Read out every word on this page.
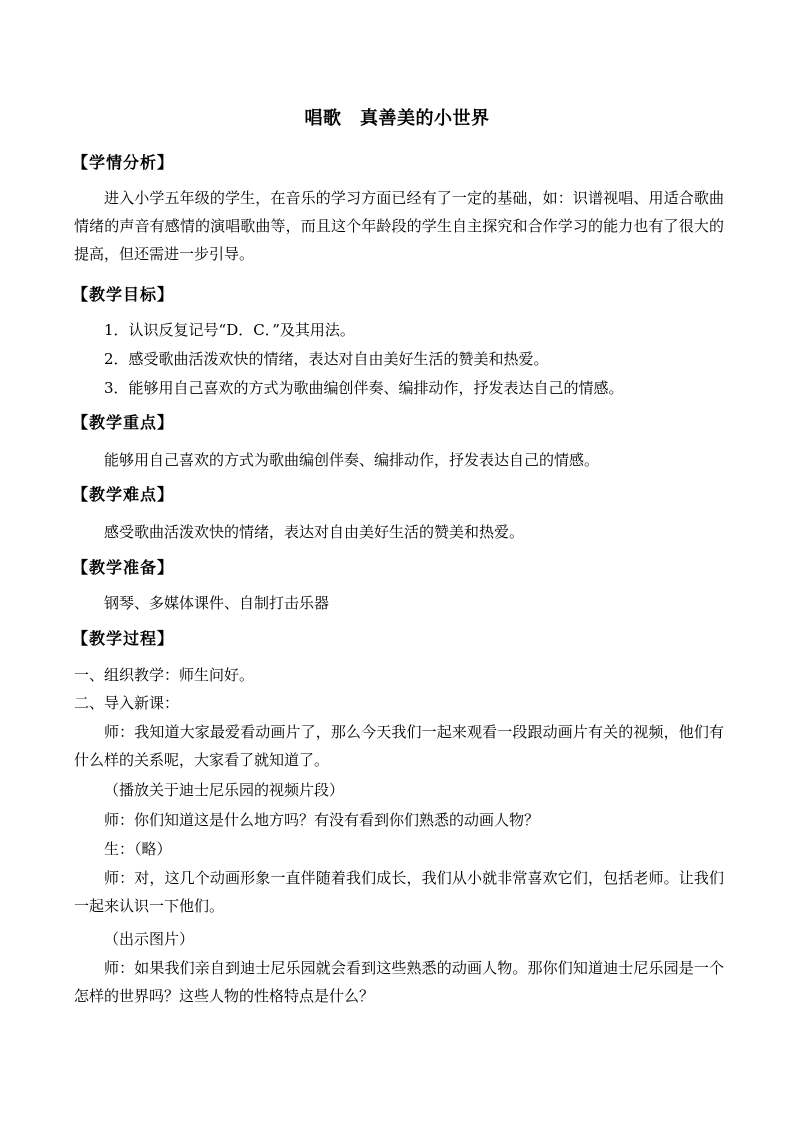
唱歌　真善美的小世界
【学情分析】
进入小学五年级的学生，在音乐的学习方面已经有了一定的基础，如：识谱视唱、用适合歌曲情绪的声音有感情的演唱歌曲等，而且这个年龄段的学生自主探究和合作学习的能力也有了很大的提高，但还需进一步引导。
【教学目标】
1．认识反复记号“D．C．”及其用法。
2．感受歌曲活泼欢快的情绪，表达对自由美好生活的赞美和热爱。
3．能够用自己喜欢的方式为歌曲编创伴奏、编排动作，抒发表达自己的情感。
【教学重点】
能够用自己喜欢的方式为歌曲编创伴奏、编排动作，抒发表达自己的情感。
【教学难点】
感受歌曲活泼欢快的情绪，表达对自由美好生活的赞美和热爱。
【教学准备】
钢琴、多媒体课件、自制打击乐器
【教学过程】
一、组织教学：师生问好。
二、导入新课：
师：我知道大家最爱看动画片了，那么今天我们一起来观看一段跟动画片有关的视频，他们有什么样的关系呢，大家看了就知道了。
（播放关于迪士尼乐园的视频片段）
师：你们知道这是什么地方吗？有没有看到你们熟悉的动画人物？
生：（略）
师：对，这几个动画形象一直伴随着我们成长，我们从小就非常喜欢它们，包括老师。让我们一起来认识一下他们。
（出示图片）
师：如果我们亲自到迪士尼乐园就会看到这些熟悉的动画人物。那你们知道迪士尼乐园是一个怎样的世界吗？这些人物的性格特点是什么？
